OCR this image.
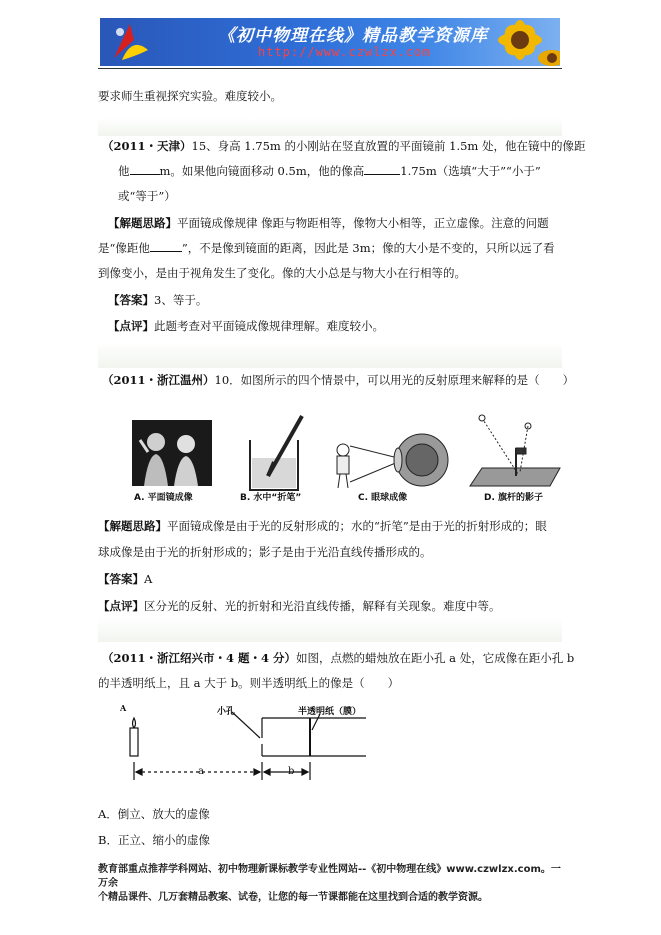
《初中物理在线》精品教学资源库
http://www.czwlzx.com
要求师生重视探究实验。难度较小。
（2011・天津）15、身高 1.75m 的小刚站在竖直放置的平面镜前 1.5m 处，他在镜中的像距
他	m。如果他向镜面移动 0.5m，他的像高	1.75m（选填“大于”“小于”
或“等于”）
【解题思路】平面镜成像规律 像距与物距相等，像物大小相等，正立虚像。注意的问题
是“像距他	”，不是像到镜面的距离，因此是 3m；像的大小是不变的，只所以远了看
到像变小，是由于视角发生了变化。像的大小总是与物大小在行相等的。
【答案】3、等于。
【点评】此题考查对平面镜成像规律理解。难度较小。
（2011・浙江温州）10．如图所示的四个情景中，可以用光的反射原理来解释的是（　　）
A. 平面镜成像	B. 水中“折笔”	C. 眼球成像	D. 旗杆的影子
【解题思路】平面镜成像是由于光的反射形成的；水的“折笔”是由于光的折射形成的；眼
球成像是由于光的折射形成的；影子是由于光沿直线传播形成的。
【答案】A
【点评】区分光的反射、光的折射和光沿直线传播，解释有关现象。难度中等。
（2011・浙江绍兴市・4 题・4 分）如图，点燃的蜡烛放在距小孔 a 处，它成像在距小孔 b
的半透明纸上，且 a 大于 b。则半透明纸上的像是（　　）
A	小孔	半透明纸（膜）
a	b
A．倒立、放大的虚像
B．正立、缩小的虚像
教育部重点推荐学科网站、初中物理新课标教学专业性网站--《初中物理在线》www.czwlzx.com。一万余
个精品课件、几万套精品教案、试卷，让您的每一节课都能在这里找到合适的教学资源。
